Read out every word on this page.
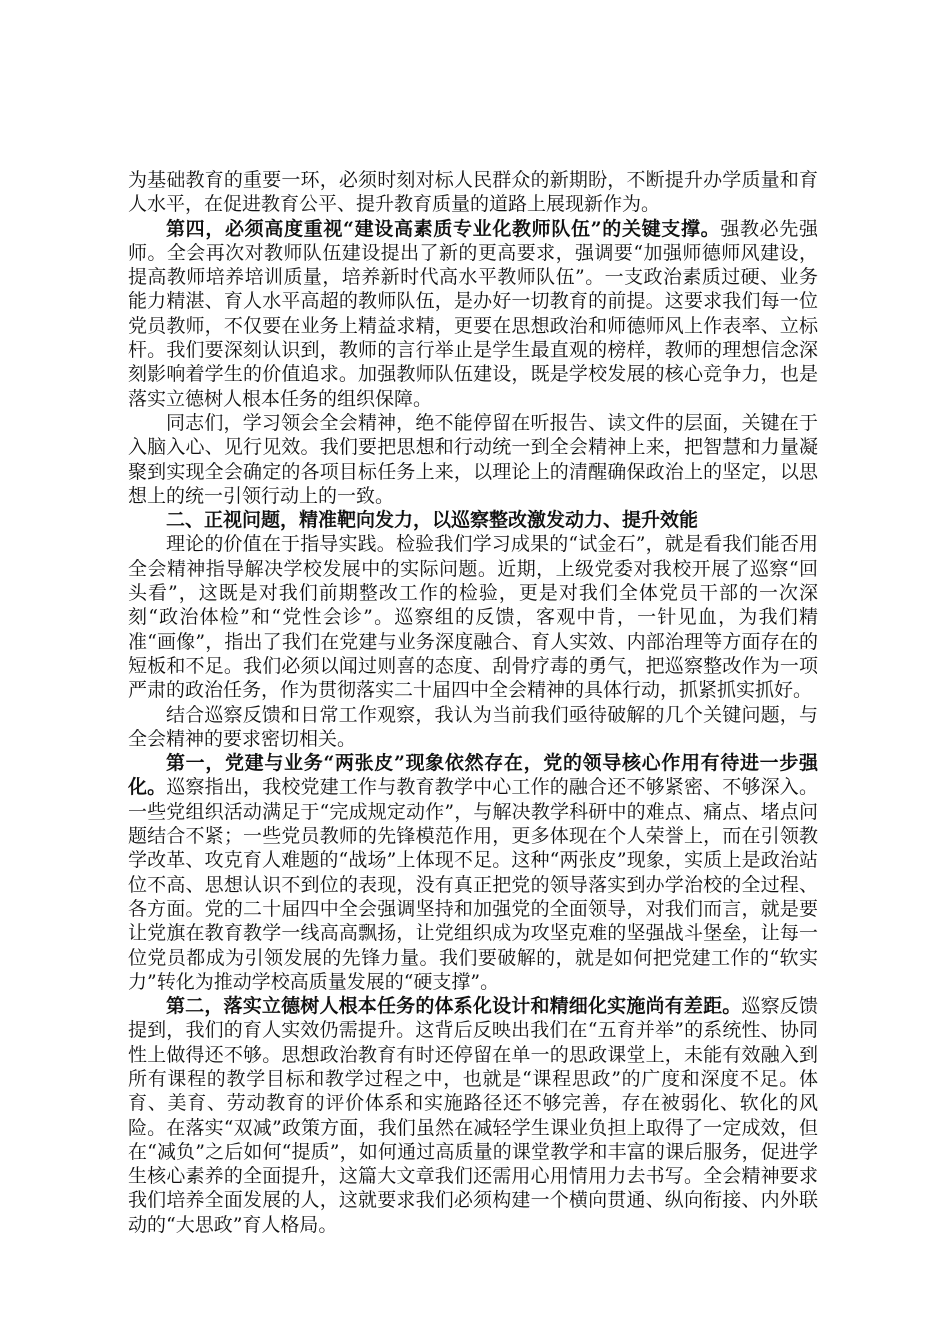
为基础教育的重要一环，必须时刻对标人民群众的新期盼，不断提升办学质量和育人水平，在促进教育公平、提升教育质量的道路上展现新作为。

第四，必须高度重视“建设高素质专业化教师队伍”的关键支撑。强教必先强师。全会再次对教师队伍建设提出了新的更高要求，强调要“加强师德师风建设，提高教师培养培训质量，培养新时代高水平教师队伍”。一支政治素质过硬、业务能力精湛、育人水平高超的教师队伍，是办好一切教育的前提。这要求我们每一位党员教师，不仅要在业务上精益求精，更要在思想政治和师德师风上作表率、立标杆。我们要深刻认识到，教师的言行举止是学生最直观的榜样，教师的理想信念深刻影响着学生的价值追求。加强教师队伍建设，既是学校发展的核心竞争力，也是落实立德树人根本任务的组织保障。

同志们，学习领会全会精神，绝不能停留在听报告、读文件的层面，关键在于入脑入心、见行见效。我们要把思想和行动统一到全会精神上来，把智慧和力量凝聚到实现全会确定的各项目标任务上来，以理论上的清醒确保政治上的坚定，以思想上的统一引领行动上的一致。

二、正视问题，精准靶向发力，以巡察整改激发动力、提升效能

理论的价值在于指导实践。检验我们学习成果的“试金石”，就是看我们能否用全会精神指导解决学校发展中的实际问题。近期，上级党委对我校开展了巡察“回头看”，这既是对我们前期整改工作的检验，更是对我们全体党员干部的一次深刻“政治体检”和“党性会诊”。巡察组的反馈，客观中肯，一针见血，为我们精准“画像”，指出了我们在党建与业务深度融合、育人实效、内部治理等方面存在的短板和不足。我们必须以闻过则喜的态度、刮骨疗毒的勇气，把巡察整改作为一项严肃的政治任务，作为贯彻落实二十届四中全会精神的具体行动，抓紧抓实抓好。

结合巡察反馈和日常工作观察，我认为当前我们亟待破解的几个关键问题，与全会精神的要求密切相关。

第一，党建与业务“两张皮”现象依然存在，党的领导核心作用有待进一步强化。巡察指出，我校党建工作与教育教学中心工作的融合还不够紧密、不够深入。一些党组织活动满足于“完成规定动作”，与解决教学科研中的难点、痛点、堵点问题结合不紧；一些党员教师的先锋模范作用，更多体现在个人荣誉上，而在引领教学改革、攻克育人难题的“战场”上体现不足。这种“两张皮”现象，实质上是政治站位不高、思想认识不到位的表现，没有真正把党的领导落实到办学治校的全过程、各方面。党的二十届四中全会强调坚持和加强党的全面领导，对我们而言，就是要让党旗在教育教学一线高高飘扬，让党组织成为攻坚克难的坚强战斗堡垒，让每一位党员都成为引领发展的先锋力量。我们要破解的，就是如何把党建工作的“软实力”转化为推动学校高质量发展的“硬支撑”。

第二，落实立德树人根本任务的体系化设计和精细化实施尚有差距。巡察反馈提到，我们的育人实效仍需提升。这背后反映出我们在“五育并举”的系统性、协同性上做得还不够。思想政治教育有时还停留在单一的思政课堂上，未能有效融入到所有课程的教学目标和教学过程之中，也就是“课程思政”的广度和深度不足。体育、美育、劳动教育的评价体系和实施路径还不够完善，存在被弱化、软化的风险。在落实“双减”政策方面，我们虽然在减轻学生课业负担上取得了一定成效，但在“减负”之后如何“提质”，如何通过高质量的课堂教学和丰富的课后服务，促进学生核心素养的全面提升，这篇大文章我们还需用心用情用力去书写。全会精神要求我们培养全面发展的人，这就要求我们必须构建一个横向贯通、纵向衔接、内外联动的“大思政”育人格局。
